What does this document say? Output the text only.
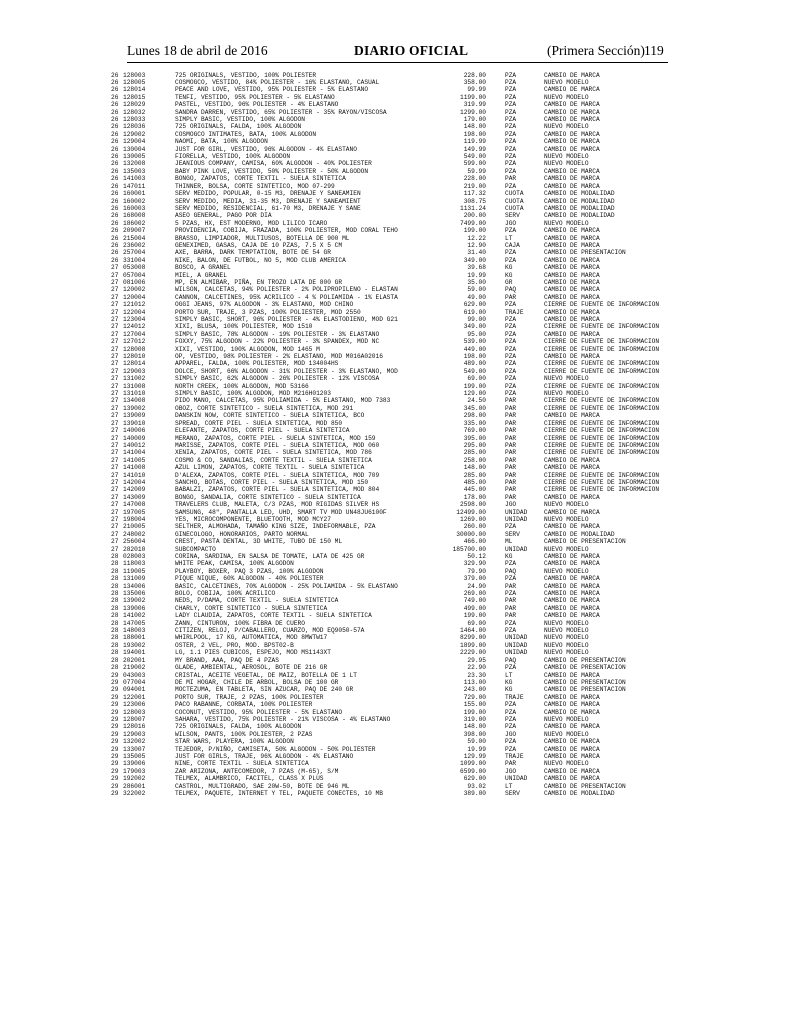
Lunes 18 de abril de 2016	DIARIO OFICIAL	(Primera Sección) 119
26 128003	725 ORIGINALS, VESTIDO, 100% POLIESTER	228.00	PZA	CAMBIO DE MARCA
26 128005	COSMOGCO, VESTIDO, 84% POLIESTER - 16% ELASTANO, CASUAL	358.00	PZA	NUEVO MODELO
26 128014	PEACE AND LOVE, VESTIDO, 95% POLIESTER - 5% ELASTANO	99.99	PZA	CAMBIO DE MARCA
26 128015	TENFI, VESTIDO, 95% POLIESTER - 5% ELASTANO	1199.00	PZA	NUEVO MODELO
26 128029	PASTEL, VESTIDO, 96% POLIESTER - 4% ELASTANO	319.99	PZA	CAMBIO DE MARCA
26 128032	SANDRA DARREN, VESTIDO, 65% POLIESTER - 35% RAYON/VISCOSA	1299.00	PZA	CAMBIO DE MARCA
26 128033	SIMPLY BASIC, VESTIDO, 100% ALGODON	179.00	PZA	CAMBIO DE MARCA
26 128036	725 ORIGINALS, FALDA, 100% ALGODON	148.00	PZA	NUEVO MODELO
26 129002	COSMOGCO INTIMATES, BATA, 100% ALGODON	198.00	PZA	CAMBIO DE MARCA
26 129004	NAOMI, BATA, 100% ALGODON	119.99	PZA	CAMBIO DE MARCA
26 130004	JUST FOR GIRL, VESTIDO, 96% ALGODON - 4% ELASTANO	149.99	PZA	CAMBIO DE MARCA
26 130005	FIORELLA, VESTIDO, 100% ALGODON	549.00	PZA	NUEVO MODELO
26 132008	JEANIOUS COMPANY, CAMISA, 60% ALGODON - 40% POLIESTER	599.00	PZA	NUEVO MODELO
26 135003	BABY PINK LOVE, VESTIDO, 50% POLIESTER - 50% ALGODON	59.99	PZA	CAMBIO DE MARCA
26 141003	BONGO, ZAPATOS, CORTE TEXTIL - SUELA SINTETICA	228.00	PAR	CAMBIO DE MARCA
26 147011	THINNER, BOLSA, CORTE SINTETICO, MOD 07-299	219.00	PZA	CAMBIO DE MARCA
26 160001	SERV MEDIDO, POPULAR, 0-15 M3, DRENAJE Y SANEAMIEN	117.32	CUOTA	CAMBIO DE MODALIDAD
26 160002	SERV MEDIDO, MEDIA, 31-35 M3, DRENAJE Y SANEAMIENT	308.75	CUOTA	CAMBIO DE MODALIDAD
26 160003	SERV MEDIDO, RESIDENCIAL, 61-70 M3, DRENAJE Y SANE	1131.24	CUOTA	CAMBIO DE MODALIDAD
26 168008	ASEO GENERAL, PAGO POR DIA	200.00	SERV	CAMBIO DE MODALIDAD
26 186002	5 PZAS, HX, EST MODERNO, MOD LILICO ICARO	7499.00	JGO	NUEVO MODELO
26 209007	PROVIDENCIA, COBIJA, FRAZADA, 100% POLIESTER, MOD CORAL TEHO	199.00	PZA	CAMBIO DE MARCA
26 215004	BRASSO, LIMPIADOR, MULTIUSOS, BOTELLA DE 900 ML	12.22	LT	CAMBIO DE MARCA
26 236002	GENEXIMED, GASAS, CAJA DE 10 PZAS, 7.5 X 5 CM	12.90	CAJA	CAMBIO DE MARCA
26 257004	AXE, BARRA, DARK TEMPTATION, BOTE DE 54 GR	31.40	PZA	CAMBIO DE PRESENTACION
26 331004	NIKE, BALON, DE FUTBOL, NO 5, MOD CLUB AMERICA	349.00	PZA	CAMBIO DE MARCA
27 053008	BOSCO, A GRANEL	39.68	KG	CAMBIO DE MARCA
27 057004	MIEL, A GRANEL	19.99	KG	CAMBIO DE MARCA
27 081006	MP, EN ALMIBAR, PIÑA, EN TROZO LATA DE 800 GR	35.00	GR	CAMBIO DE MARCA
27 120002	WILSON, CALCETAS, 94% POLIESTER - 2% POLIPROPILENO - ELASTAN	59.00	PAQ	CAMBIO DE MARCA
27 120004	CANNON, CALCETINES, 95% ACRILICO - 4 % POLIAMIDA - 1% ELASTA	49.00	PAR	CAMBIO DE MARCA
27 121012	OGGI JEANS, 97% ALGODON - 3% ELASTANO, MOD CHINO	629.00	PZA	CIERRE DE FUENTE DE INFORMACION
27 122004	PORTO SUR, TRAJE, 3 PZAS, 100% POLIESTER, MOD 2550	619.00	TRAJE	CAMBIO DE MARCA
27 123004	SIMPLY BASIC, SHORT, 96% POLIESTER - 4% ELASTODIENO, MOD G21	99.00	PZA	CAMBIO DE MARCA
27 124012	XIXI, BLUSA, 100% POLIESTER, MOD 1510	349.00	PZA	CIERRE DE FUENTE DE INFORMACION
27 127004	SIMPLY BASIC, 78% ALGODON - 19% POLIESTER - 3% ELASTANO	95.00	PZA	CAMBIO DE MARCA
27 127012	FOXXY, 75% ALGODON - 22% POLIESTER - 3% SPANDEX, MOD NC	539.00	PZA	CIERRE DE FUENTE DE INFORMACION
27 128008	XIXI, VESTIDO, 100% ALGODON, MOD 1465 M	449.00	PZA	CIERRE DE FUENTE DE INFORMACION
27 128010	OP, VESTIDO, 98% POLIESTER - 2% ELASTANO, MOD M016A02016	198.00	PZA	CAMBIO DE MARCA
27 128014	APPAREL, FALDA, 100% POLIESTER, MOD 134004HS	489.00	PZA	CIERRE DE FUENTE DE INFORMACION
27 129003	DOLCE, SHORT, 66% ALGODON - 31% POLIESTER - 3% ELASTANO, MOD	549.00	PZA	CIERRE DE FUENTE DE INFORMACION
27 131002	SIMPLY BASIC, 62% ALGODON - 26% POLIESTER - 12% VISCOSA	69.00	PZA	NUEVO MODELO
27 131008	NORTH CREEK, 100% ALGODON, MOD 53166	199.00	PZA	CIERRE DE FUENTE DE INFORMACION
27 131010	SIMPLY BASIC, 100% ALGODON, MOD M216H01203	129.00	PZA	NUEVO MODELO
27 134008	PIDO MANO, CALCETAS, 95% POLIAMIDA - 5% ELASTANO, MOD 7383	24.50	PAR	CIERRE DE FUENTE DE INFORMACION
27 139002	OBOZ, CORTE SINTETICO - SUELA SINTETICA, MOD 291	345.00	PAR	CIERRE DE FUENTE DE INFORMACION
27 139009	DANSKIN NOW, CORTE SINTETICO - SUELA SINTETICA, BCO	298.00	PAR	CAMBIO DE MARCA
27 139010	SPREAD, CORTE PIEL - SUELA SINTETICA, MOD 850	335.00	PAR	CIERRE DE FUENTE DE INFORMACION
27 140006	ELEFANTE, ZAPATOS, CORTE PIEL - SUELA SINTETICA	769.00	PAR	CIERRE DE FUENTE DE INFORMACION
27 140009	MERANO, ZAPATOS, CORTE PIEL - SUELA SINTETICA, MOD 159	395.00	PAR	CIERRE DE FUENTE DE INFORMACION
27 140012	MARISSE, ZAPATOS, CORTE PIEL - SUELA SINTETICA, MOD 060	295.00	PAR	CIERRE DE FUENTE DE INFORMACION
27 141004	XENIA, ZAPATOS, CORTE PIEL - SUELA SINTETICA, MOD 786	285.00	PAR	CIERRE DE FUENTE DE INFORMACION
27 141005	COSMO & CO, SANDALIAS, CORTE TEXTIL - SUELA SINTETICA	258.00	PAR	CAMBIO DE MARCA
27 141008	AZUL LIMON, ZAPATOS, CORTE TEXTIL - SUELA SINTETICA	148.00	PAR	CAMBIO DE MARCA
27 141010	D'ALEXA, ZAPATOS, CORTE PIEL - SUELA SINTETICA, MOD 709	285.00	PAR	CIERRE DE FUENTE DE INFORMACION
27 142004	SANCHO, BOTAS, CORTE PIEL - SUELA SINTETICA, MOD 150	485.00	PAR	CIERRE DE FUENTE DE INFORMACION
27 142009	BABALZI, ZAPATOS, CORTE PIEL - SUELA SINTETICA, MOD 804	445.00	PAR	CIERRE DE FUENTE DE INFORMACION
27 143009	BONGO, SANDALIA, CORTE SINTETICO - SUELA SINTETICA	178.00	PAR	CAMBIO DE MARCA
27 147008	TRAVELERS CLUB, MALETA, C/3 PZAS, MOD RIGIDAS SILVER HS	2598.00	JGO	NUEVO MODELO
27 197005	SAMSUNG, 48", PANTALLA LED, UHD, SMART TV MOD UN48JU6100F	12499.00	UNIDAD	CAMBIO DE MARCA
27 198004	YES, MICROCOMPONENTE, BLUETOOTH, MOD MCY27	1269.00	UNIDAD	NUEVO MODELO
27 210005	SELTHER, ALMOHADA, TAMAÑO KING SIZE, INDEFORMABLE, PZA	260.00	PZA	CAMBIO DE MARCA
27 248002	GINECOLOGO, HONORARIOS, PARTO NORMAL	30000.00	SERV	CAMBIO DE MODALIDAD
27 256004	CREST, PASTA DENTAL, 3D WHITE, TUBO DE 150 ML	466.00	ML	CAMBIO DE PRESENTACION
27 282010	SUBCOMPACTO	185700.00	UNIDAD	NUEVO MODELO
28 028003	CORINA, SARDINA, EN SALSA DE TOMATE, LATA DE 425 GR	50.12	KG	CAMBIO DE MARCA
28 118003	WHITE PEAK, CAMISA, 100% ALGODON	329.90	PZA	CAMBIO DE MARCA
28 119005	PLAYBOY, BOXER, PAQ 3 PZAS, 100% ALGODON	79.90	PAQ	NUEVO MODELO
28 131009	PIQUE NIQUE, 60% ALGODON - 40% POLIESTER	379.00	PZA	CAMBIO DE MARCA
28 134006	BASIC, CALCETINES, 70% ALGODON - 25% POLIAMIDA - 5% ELASTANO	24.90	PAR	CAMBIO DE MARCA
28 135006	BOLO, COBIJA, 100% ACRILICO	269.00	PZA	CAMBIO DE MARCA
28 139002	NEDS, P/DAMA, CORTE TEXTIL - SUELA SINTETICA	749.00	PAR	CAMBIO DE MARCA
28 139006	CHARLY, CORTE SINTETICO - SUELA SINTETICA	499.00	PAR	CAMBIO DE MARCA
28 141002	LADY CLAUDIA, ZAPATOS, CORTE TEXTIL - SUELA SINTETICA	199.00	PAR	CAMBIO DE MARCA
28 147005	ZANN, CINTURON, 100% FIBRA DE CUERO	69.00	PZA	NUEVO MODELO
28 148003	CITIZEN, RELOJ, P/CABALLERO, CUARZO, MOD EQ9050-57A	1464.00	PZA	NUEVO MODELO
28 188001	WHIRLPOOL, 17 KG, AUTOMATICA, MOD 8MWTW17	8299.00	UNIDAD	NUEVO MODELO
28 193002	OSTER, 2 VEL, PRO, MOD. BPST02-B	1899.00	UNIDAD	NUEVO MODELO
28 194001	LG, 1.1 PIES CUBICOS, ESPEJO, MOD MS1143XT	2229.00	UNIDAD	NUEVO MODELO
28 202001	MY BRAND, AAA, PAQ DE 4 PZAS	29.95	PAQ	CAMBIO DE PRESENTACION
28 219002	GLADE, AMBIENTAL, AEROSOL, BOTE DE 216 GR	22.90	PZA	CAMBIO DE PRESENTACION
29 043003	CRISTAL, ACEITE VEGETAL, DE MAIZ, BOTELLA DE 1 LT	23.30	LT	CAMBIO DE MARCA
29 077004	DE MI HOGAR, CHILE DE ARBOL, BOLSA DE 100 GR	113.00	KG	CAMBIO DE PRESENTACION
29 094001	MOCTEZUMA, EN TABLETA, SIN AZUCAR, PAQ DE 240 GR	243.00	KG	CAMBIO DE PRESENTACION
29 122001	PORTO SUR, TRAJE, 2 PZAS, 100% POLIESTER	729.00	TRAJE	CAMBIO DE MARCA
29 123006	PACO RABANNE, CORBATA, 100% POLIESTER	155.00	PZA	CAMBIO DE MARCA
29 128003	COCONUT, VESTIDO, 95% POLIESTER - 5% ELASTANO	199.00	PZA	CAMBIO DE MARCA
29 128007	SAHARA, VESTIDO, 75% POLIESTER - 21% VISCOSA - 4% ELASTANO	319.00	PZA	NUEVO MODELO
29 128016	725 ORIGINALS, FALDA, 100% ALGODON	148.00	PZA	CAMBIO DE MARCA
29 129003	WILSON, PANTS, 100% POLIESTER, 2 PZAS	398.00	JGO	NUEVO MODELO
29 132002	STAR WARS, PLAYERA, 100% ALGODON	59.00	PZA	CAMBIO DE MARCA
29 133007	TEJEDOR, P/NIÑO, CAMISETA, 50% ALGODON - 50% POLIESTER	19.99	PZA	CAMBIO DE MARCA
29 135005	JUST FOR GIRLS, TRAJE, 96% ALGODON - 4% ELASTANO	129.99	TRAJE	CAMBIO DE MARCA
29 139006	NINE, CORTE TEXTIL - SUELA SINTETICA	1099.00	PAR	NUEVO MODELO
29 179003	ZAR ARIZONA, ANTECOMEDOR, 7 PZAS (M-65), S/M	6599.00	JGO	CAMBIO DE MARCA
29 192002	TELMEX, ALAMBRICO, FACITEL, CLASS X PLUS	629.00	UNIDAD	CAMBIO DE MARCA
29 286001	CASTROL, MULTIGRADO, SAE 20W-50, BOTE DE 946 ML	93.02	LT	CAMBIO DE PRESENTACION
29 322002	TELMEX, PAQUETE, INTERNET Y TEL, PAQUETE CONECTES, 10 MB	389.00	SERV	CAMBIO DE MODALIDAD
